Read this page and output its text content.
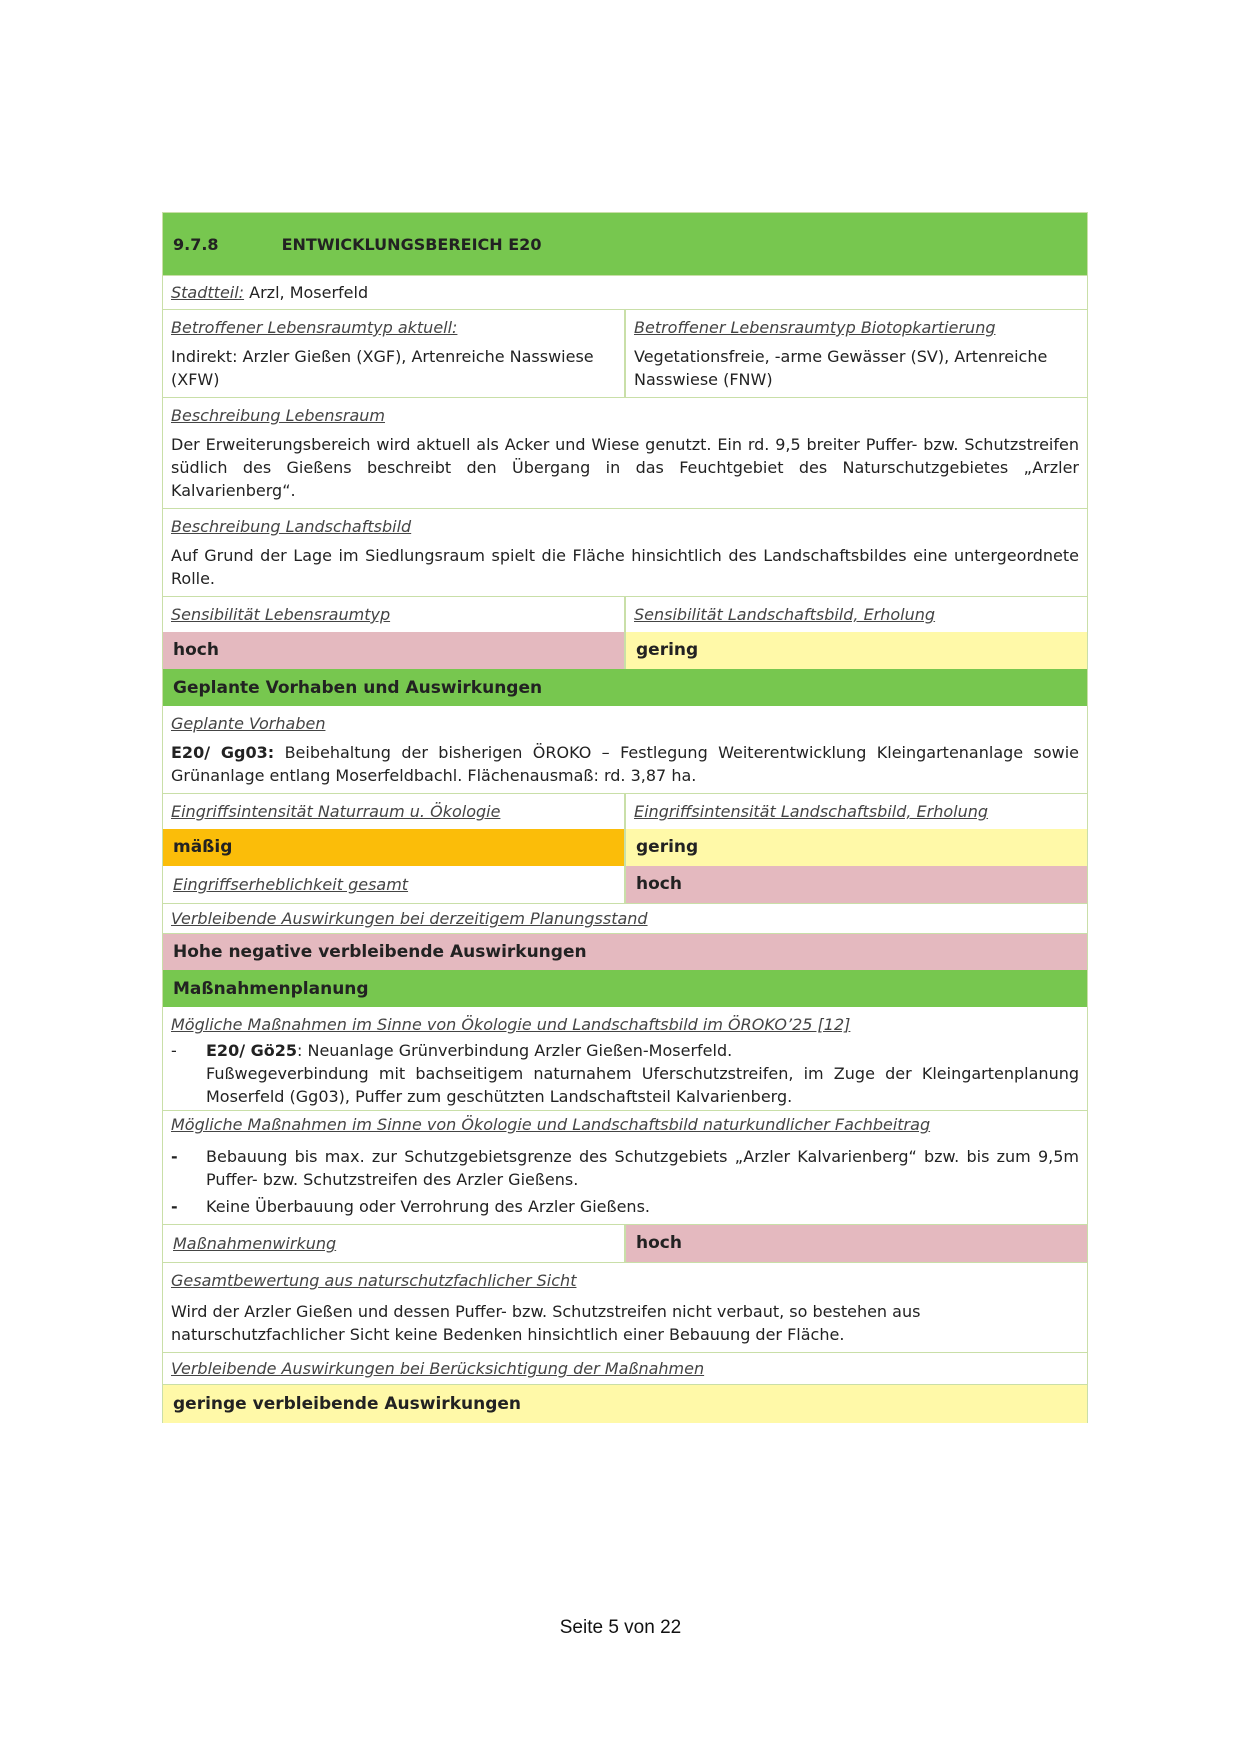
9.7.8	ENTWICKLUNGSBEREICH E20
Stadtteil: Arzl, Moserfeld
Betroffener Lebensraumtyp aktuell:
Indirekt: Arzler Gießen (XGF), Artenreiche Nasswiese (XFW)
Betroffener Lebensraumtyp Biotopkartierung
Vegetationsfreie, -arme Gewässer (SV), Artenreiche Nasswiese (FNW)
Beschreibung Lebensraum
Der Erweiterungsbereich wird aktuell als Acker und Wiese genutzt. Ein rd. 9,5 breiter Puffer- bzw. Schutzstreifen südlich des Gießens beschreibt den Übergang in das Feuchtgebiet des Naturschutzgebietes „Arzler Kalvarienberg“.
Beschreibung Landschaftsbild
Auf Grund der Lage im Siedlungsraum spielt die Fläche hinsichtlich des Landschaftsbildes eine untergeordnete Rolle.
Sensibilität Lebensraumtyp	Sensibilität Landschaftsbild, Erholung
hoch	gering
Geplante Vorhaben und Auswirkungen
Geplante Vorhaben
E20/ Gg03: Beibehaltung der bisherigen ÖROKO – Festlegung Weiterentwicklung Kleingartenanlage sowie Grünanlage entlang Moserfeldbachl. Flächenausmaß: rd. 3,87 ha.
Eingriffsintensität Naturraum u. Ökologie	Eingriffsintensität Landschaftsbild, Erholung
mäßig	gering
Eingriffserheblichkeit gesamt	hoch
Verbleibende Auswirkungen bei derzeitigem Planungsstand
Hohe negative verbleibende Auswirkungen
Maßnahmenplanung
Mögliche Maßnahmen im Sinne von Ökologie und Landschaftsbild im ÖROKO’25 [12]
-	E20/ Gö25: Neuanlage Grünverbindung Arzler Gießen-Moserfeld.
Fußwegeverbindung mit bachseitigem naturnahem Uferschutzstreifen, im Zuge der Kleingartenplanung Moserfeld (Gg03), Puffer zum geschützten Landschaftsteil Kalvarienberg.
Mögliche Maßnahmen im Sinne von Ökologie und Landschaftsbild naturkundlicher Fachbeitrag
-	Bebauung bis max. zur Schutzgebietsgrenze des Schutzgebiets „Arzler Kalvarienberg“ bzw. bis zum 9,5m Puffer- bzw. Schutzstreifen des Arzler Gießens.
-	Keine Überbauung oder Verrohrung des Arzler Gießens.
Maßnahmenwirkung	hoch
Gesamtbewertung aus naturschutzfachlicher Sicht
Wird der Arzler Gießen und dessen Puffer- bzw. Schutzstreifen nicht verbaut, so bestehen aus naturschutzfachlicher Sicht keine Bedenken hinsichtlich einer Bebauung der Fläche.
Verbleibende Auswirkungen bei Berücksichtigung der Maßnahmen
geringe verbleibende Auswirkungen
Seite 5 von 22
